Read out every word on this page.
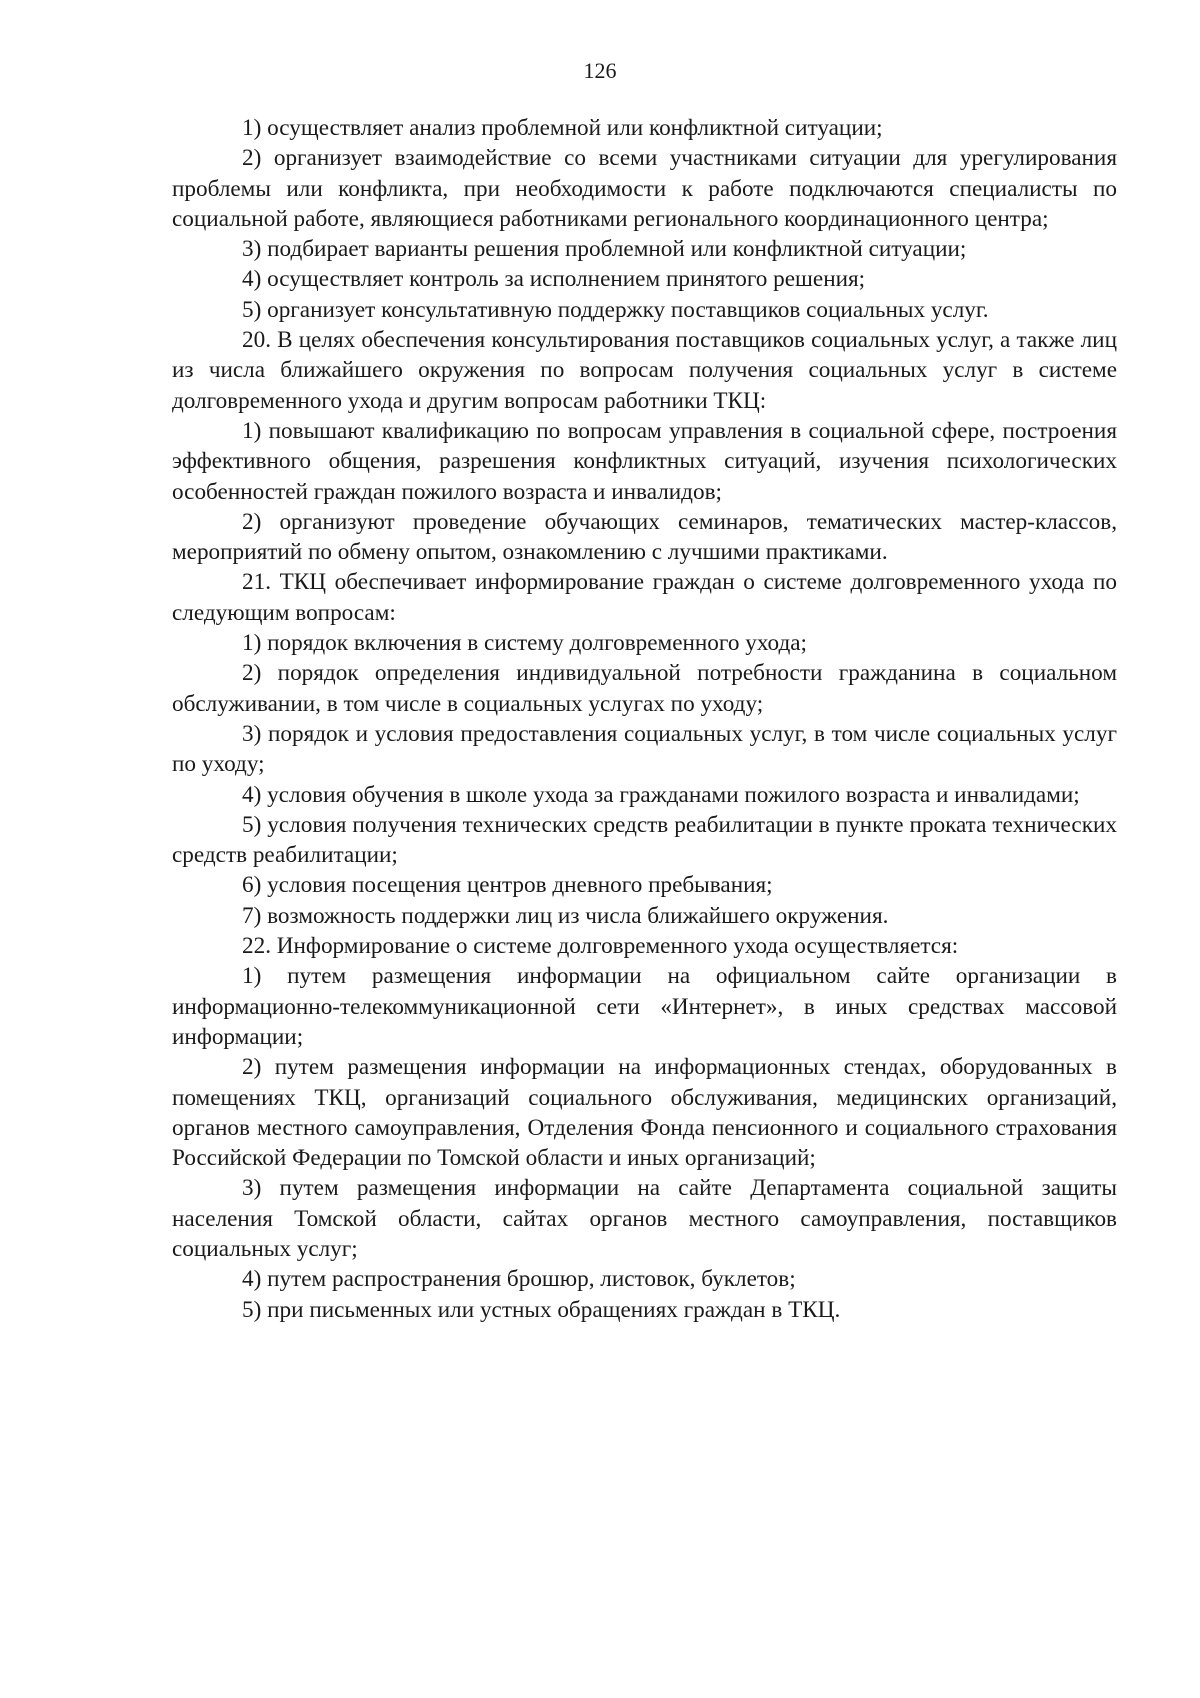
126

1) осуществляет анализ проблемной или конфликтной ситуации;

2) организует взаимодействие со всеми участниками ситуации для урегулирования проблемы или конфликта, при необходимости к работе подключаются специалисты по социальной работе, являющиеся работниками регионального координационного центра;

3) подбирает варианты решения проблемной или конфликтной ситуации;

4) осуществляет контроль за исполнением принятого решения;

5) организует консультативную поддержку поставщиков социальных услуг.

20. В целях обеспечения консультирования поставщиков социальных услуг, а также лиц из числа ближайшего окружения по вопросам получения социальных услуг в системе долговременного ухода и другим вопросам работники ТКЦ:

1) повышают квалификацию по вопросам управления в социальной сфере, построения эффективного общения, разрешения конфликтных ситуаций, изучения психологических особенностей граждан пожилого возраста и инвалидов;

2) организуют проведение обучающих семинаров, тематических мастер-классов, мероприятий по обмену опытом, ознакомлению с лучшими практиками.

21. ТКЦ обеспечивает информирование граждан о системе долговременного ухода по следующим вопросам:

1) порядок включения в систему долговременного ухода;

2) порядок определения индивидуальной потребности гражданина в социальном обслуживании, в том числе в социальных услугах по уходу;

3) порядок и условия предоставления социальных услуг, в том числе социальных услуг по уходу;

4) условия обучения в школе ухода за гражданами пожилого возраста и инвалидами;

5) условия получения технических средств реабилитации в пункте проката технических средств реабилитации;

6) условия посещения центров дневного пребывания;

7) возможность поддержки лиц из числа ближайшего окружения.

22. Информирование о системе долговременного ухода осуществляется:

1) путем размещения информации на официальном сайте организации в информационно-телекоммуникационной сети «Интернет», в иных средствах массовой информации;

2) путем размещения информации на информационных стендах, оборудованных в помещениях ТКЦ, организаций социального обслуживания, медицинских организаций, органов местного самоуправления, Отделения Фонда пенсионного и социального страхования Российской Федерации по Томской области и иных организаций;

3) путем размещения информации на сайте Департамента социальной защиты населения Томской области, сайтах органов местного самоуправления, поставщиков социальных услуг;

4) путем распространения брошюр, листовок, буклетов;

5) при письменных или устных обращениях граждан в ТКЦ.
